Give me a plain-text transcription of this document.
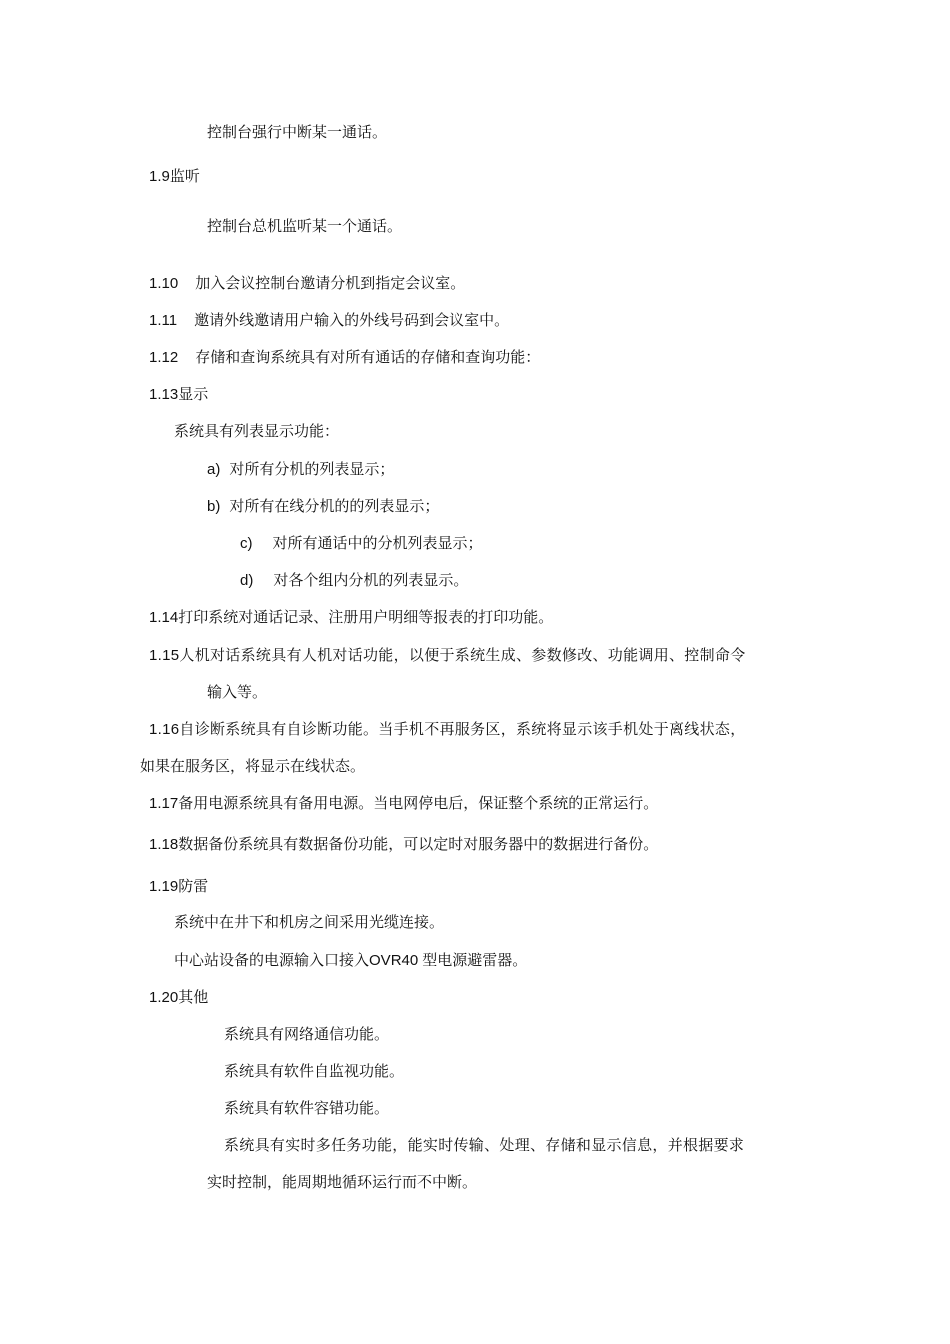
控制台强行中断某一通话。
1.9监听
控制台总机监听某一个通话。
1.10 加入会议控制台邀请分机到指定会议室。
1.11 邀请外线邀请用户输入的外线号码到会议室中。
1.12 存储和查询系统具有对所有通话的存储和查询功能：
1.13显示
系统具有列表显示功能：
a) 对所有分机的列表显示；
b) 对所有在线分机的的列表显示；
c) 对所有通话中的分机列表显示；
d) 对各个组内分机的列表显示。
1.14打印系统对通话记录、注册用户明细等报表的打印功能。
1.15人机对话系统具有人机对话功能，以便于系统生成、参数修改、功能调用、控制命令
输入等。
1.16自诊断系统具有自诊断功能。当手机不再服务区，系统将显示该手机处于离线状态，
如果在服务区，将显示在线状态。
1.17备用电源系统具有备用电源。当电网停电后，保证整个系统的正常运行。
1.18数据备份系统具有数据备份功能，可以定时对服务器中的数据进行备份。
1.19防雷
系统中在井下和机房之间采用光缆连接。
中心站设备的电源输入口接入OVR40 型电源避雷器。
1.20其他
系统具有网络通信功能。
系统具有软件自监视功能。
系统具有软件容错功能。
系统具有实时多任务功能，能实时传输、处理、存储和显示信息，并根据要求
实时控制，能周期地循环运行而不中断。
